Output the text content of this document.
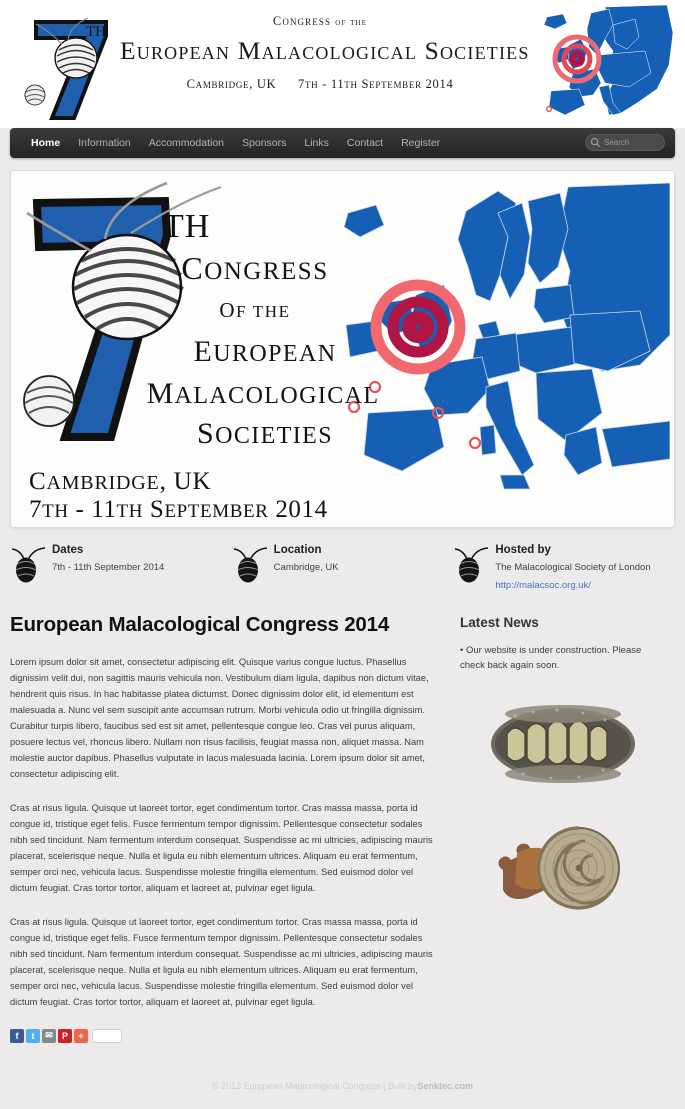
TH
Congress of the
European Malacological Societies
Cambridge, UK 7th - 11th September 2014
Home	Information	Accommodation	Sponsors	Links	Contact	Register
Search
TH
CONGRESS
OF THE
EUROPEAN
MALACOLOGICAL
SOCIETIES
CAMBRIDGE, UK
7TH - 11TH SEPTEMBER 2014
Dates

7th - 11th September 2014

Location

Cambridge, UK

Hosted by

The Malacological Society of London

http://malacsoc.org.uk/
European Malacological Congress 2014

Lorem ipsum dolor sit amet, consectetur adipiscing elit. Quisque varius congue luctus. Phasellus dignissim velit dui, non sagittis mauris vehicula non. Vestibulum diam ligula, dapibus non dictum vitae, hendrerit quis risus. In hac habitasse platea dictumst. Donec dignissim dolor elit, id elementum est malesuada a. Nunc vel sem suscipit ante accumsan rutrum. Morbi vehicula odio ut fringilla dignissim. Curabitur turpis libero, faucibus sed est sit amet, pellentesque congue leo. Cras vel purus aliquam, posuere lectus vel, rhoncus libero. Nullam non risus facilisis, feugiat massa non, aliquet massa. Nam molestie auctor dapibus. Phasellus vulputate in lacus malesuada lacinia. Lorem ipsum dolor sit amet, consectetur adipiscing elit.

Cras at risus ligula. Quisque ut laoreet tortor, eget condimentum tortor. Cras massa massa, porta id congue id, tristique eget felis. Fusce fermentum tempor dignissim. Pellentesque consectetur sodales nibh sed tincidunt. Nam fermentum interdum consequat. Suspendisse ac mi ultricies, adipiscing mauris placerat, scelerisque neque. Nulla et ligula eu nibh elementum ultrices. Aliquam eu erat fermentum, semper orci nec, vehicula lacus. Suspendisse molestie fringilla elementum. Sed euismod dolor vel dictum feugiat. Cras tortor tortor, aliquam et laoreet at, pulvinar eget ligula.

Cras at risus ligula. Quisque ut laoreet tortor, eget condimentum tortor. Cras massa massa, porta id congue id, tristique eget felis. Fusce fermentum tempor dignissim. Pellentesque consectetur sodales nibh sed tincidunt. Nam fermentum interdum consequat. Suspendisse ac mi ultricies, adipiscing mauris placerat, scelerisque neque. Nulla et ligula eu nibh elementum ultrices. Aliquam eu erat fermentum, semper orci nec, vehicula lacus. Suspendisse molestie fringilla elementum. Sed euismod dolor vel dictum feugiat. Cras tortor tortor, aliquam et laoreet at, pulvinar eget ligula.

f	t	✉	P	+
Latest News

• Our website is under construction. Please check back again soon.

© 2013 European Malacological Congress | Built by Senktec.com
